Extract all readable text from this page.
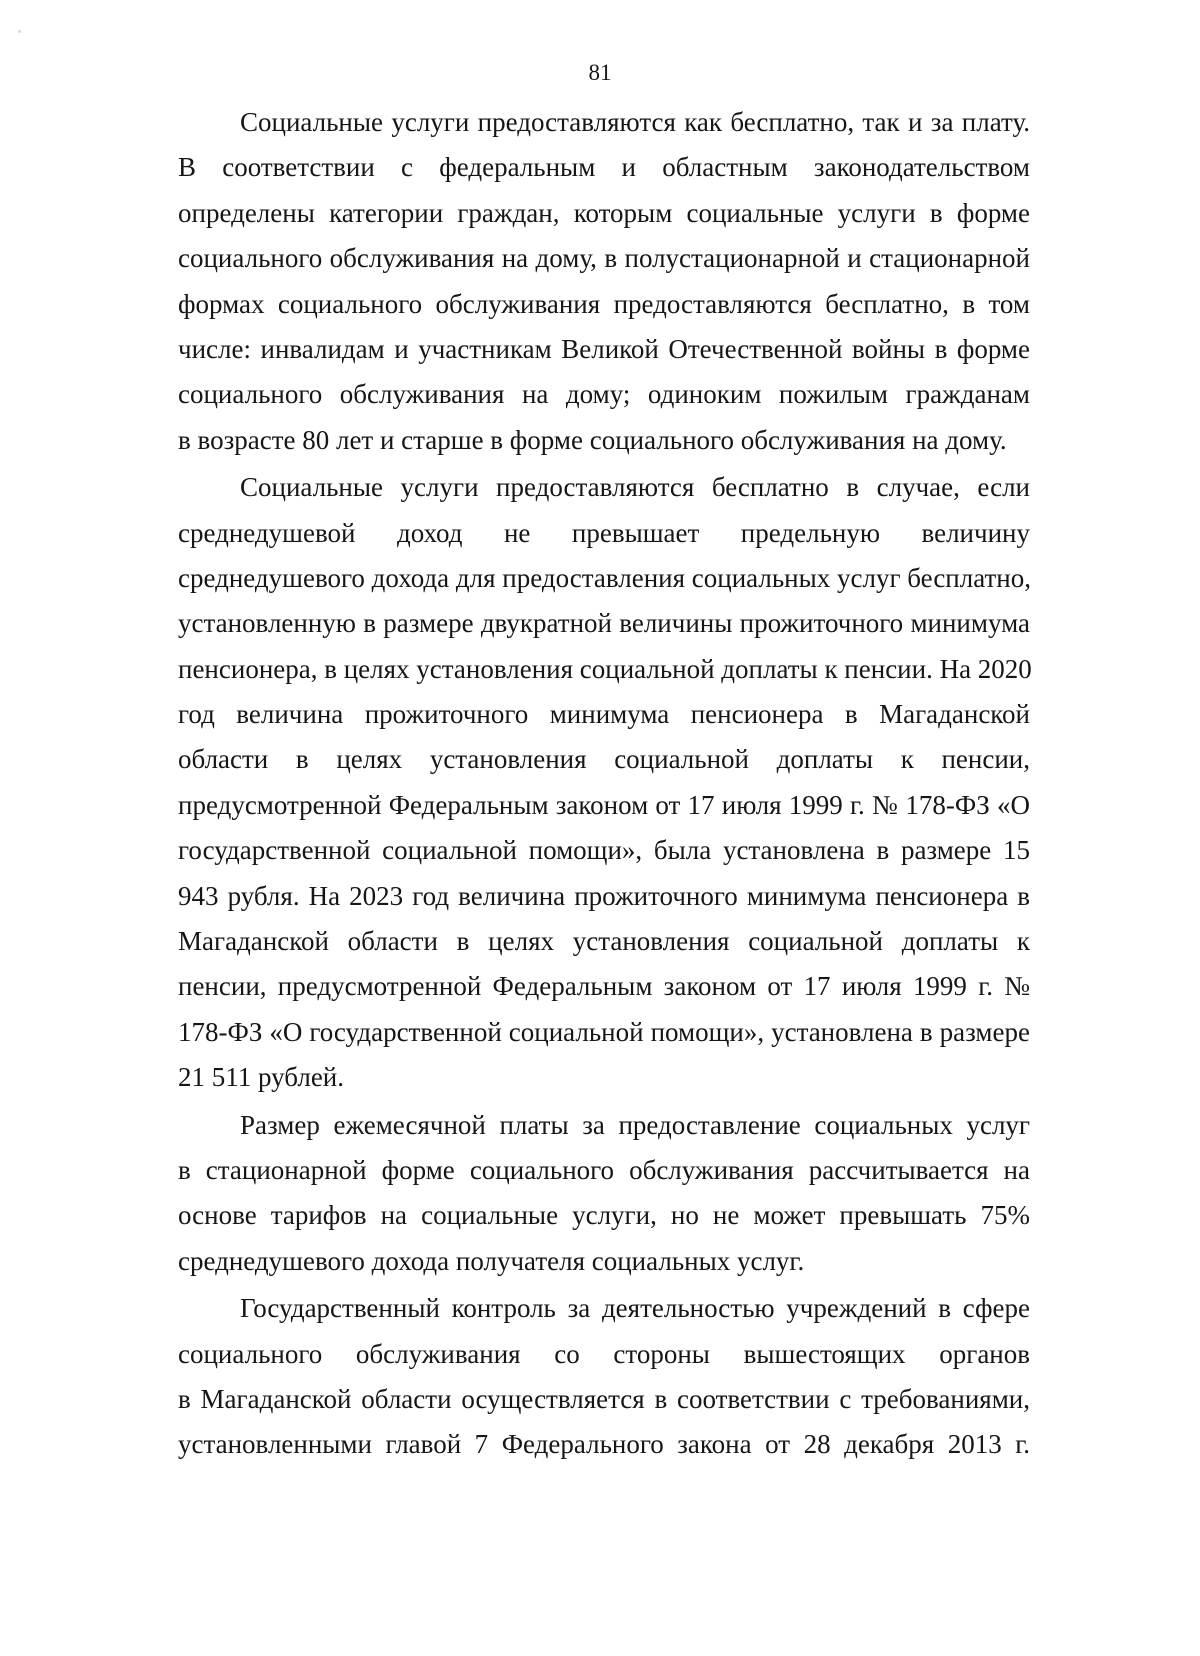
81
Социальные услуги предоставляются как бесплатно, так и за плату.
В соответствии с федеральным и областным законодательством
определены категории граждан, которым социальные услуги в форме
социального обслуживания на дому, в полустационарной и стационарной
формах социального обслуживания предоставляются бесплатно, в том
числе: инвалидам и участникам Великой Отечественной войны в форме
социального обслуживания на дому; одиноким пожилым гражданам
в возрасте 80 лет и старше в форме социального обслуживания на дому.
Социальные услуги предоставляются бесплатно в случае, если
среднедушевой доход не превышает предельную величину
среднедушевого дохода для предоставления социальных услуг бесплатно,
установленную в размере двукратной величины прожиточного минимума
пенсионера, в целях установления социальной доплаты к пенсии. На 2020
год величина прожиточного минимума пенсионера в Магаданской
области в целях установления социальной доплаты к пенсии,
предусмотренной Федеральным законом от 17 июля 1999 г. № 178-ФЗ «О
государственной социальной помощи», была установлена в размере 15
943 рубля. На 2023 год величина прожиточного минимума пенсионера в
Магаданской области в целях установления социальной доплаты к
пенсии, предусмотренной Федеральным законом от 17 июля 1999 г. №
178-ФЗ «О государственной социальной помощи», установлена в размере
21 511 рублей.
Размер ежемесячной платы за предоставление социальных услуг
в стационарной форме социального обслуживания рассчитывается на
основе тарифов на социальные услуги, но не может превышать 75%
среднедушевого дохода получателя социальных услуг.
Государственный контроль за деятельностью учреждений в сфере
социального обслуживания со стороны вышестоящих органов
в Магаданской области осуществляется в соответствии с требованиями,
установленными главой 7 Федерального закона от 28 декабря 2013 г.
